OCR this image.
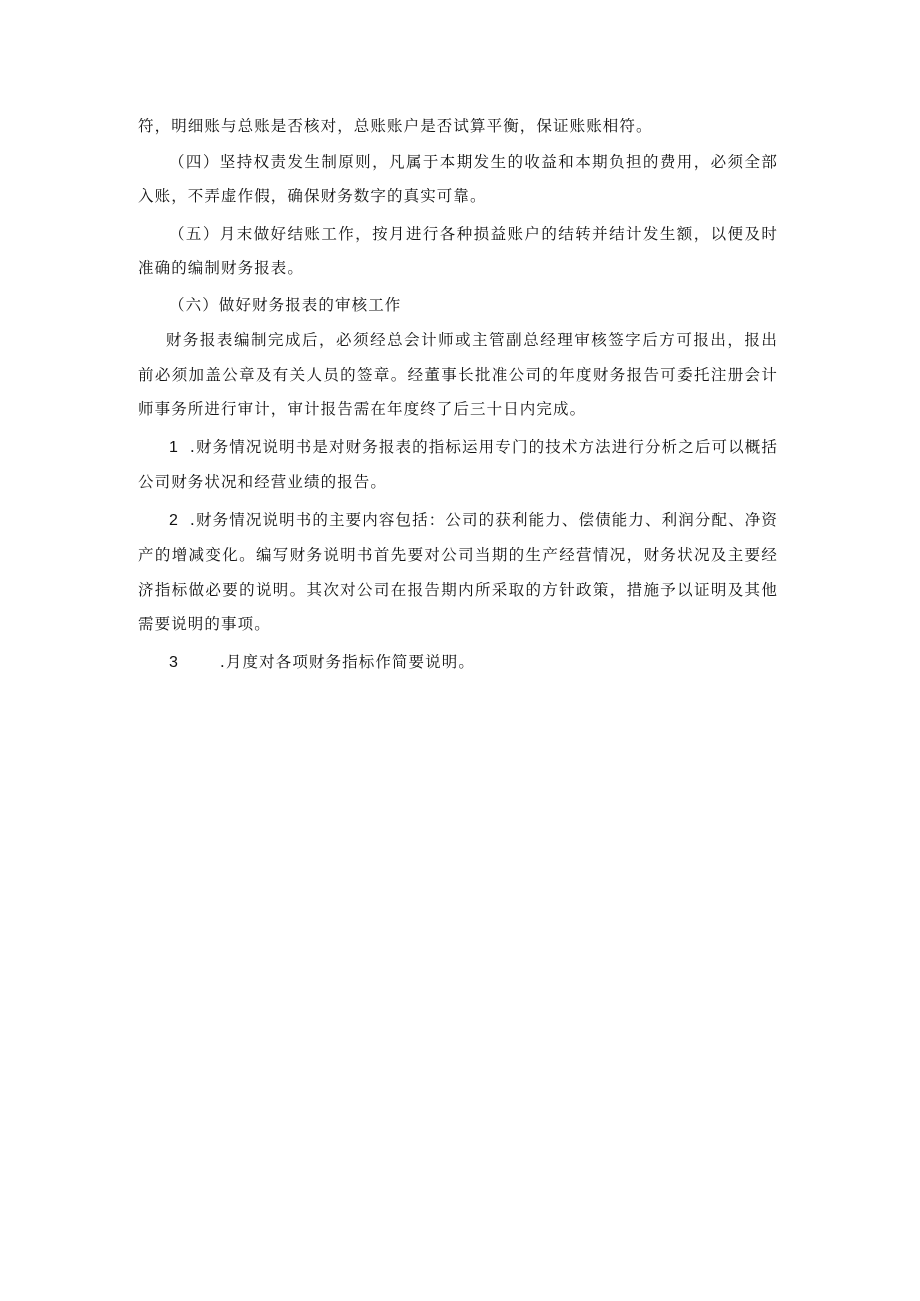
符，明细账与总账是否核对，总账账户是否试算平衡，保证账账相符。

（四）坚持权责发生制原则，凡属于本期发生的收益和本期负担的费用，必须全部入账，不弄虚作假，确保财务数字的真实可靠。

（五）月末做好结账工作，按月进行各种损益账户的结转并结计发生额，以便及时准确的编制财务报表。

（六）做好财务报表的审核工作

财务报表编制完成后，必须经总会计师或主管副总经理审核签字后方可报出，报出前必须加盖公章及有关人员的签章。经董事长批准公司的年度财务报告可委托注册会计师事务所进行审计，审计报告需在年度终了后三十日内完成。

1 .财务情况说明书是对财务报表的指标运用专门的技术方法进行分析之后可以概括公司财务状况和经营业绩的报告。

2 .财务情况说明书的主要内容包括：公司的获利能力、偿债能力、利润分配、净资产的增减变化。编写财务说明书首先要对公司当期的生产经营情况，财务状况及主要经济指标做必要的说明。其次对公司在报告期内所采取的方针政策，措施予以证明及其他需要说明的事项。

3	.月度对各项财务指标作简要说明。
